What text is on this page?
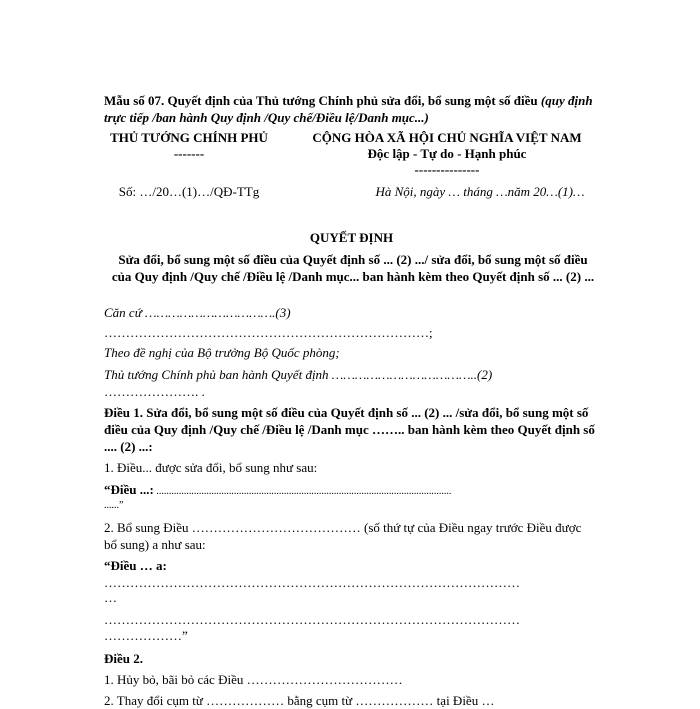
Mẫu số 07. Quyết định của Thủ tướng Chính phủ sửa đổi, bổ sung một số điều (quy định trực tiếp /ban hành Quy định /Quy chế/Điều lệ/Danh mục...)
THỦ TƯỚNG CHÍNH PHỦ
-------
CỘNG HÒA XÃ HỘI CHỦ NGHĨA VIỆT NAM
Độc lập - Tự do - Hạnh phúc
---------------
Số: …/20…(1)…/QĐ-TTg	Hà Nội, ngày … tháng …năm 20…(1)…
QUYẾT ĐỊNH
Sửa đổi, bổ sung một số điều của Quyết định số ... (2) .../ sửa đổi, bổ sung một số điều của Quy định /Quy chế /Điều lệ /Danh mục... ban hành kèm theo Quyết định số ... (2) ...
Căn cứ …………………………….(3)
…………………………………………………………………;
Theo đề nghị của Bộ trưởng Bộ Quốc phòng;
Thủ tướng Chính phủ ban hành Quyết định ………………………………..(2)
…………………. .
Điều 1. Sửa đổi, bổ sung một số điều của Quyết định số ... (2) ... /sửa đổi, bổ sung một số điều của Quy định /Quy chế /Điều lệ /Danh mục …….. ban hành kèm theo Quyết định số .... (2) ...:
1. Điều... được sửa đổi, bổ sung như sau:
“Điều ...: ......................................................................................................................
......”
2. Bổ sung Điều ………………………………… (số thứ tự của Điều ngay trước Điều được bổ sung) a như sau:
“Điều … a:
……………………………………………………………………………………
…
……………………………………………………………………………………
………………”
Điều 2.
1. Hủy bỏ, bãi bỏ các Điều ………………………………
2. Thay đổi cụm từ ……………… bằng cụm từ ……………… tại Điều …
